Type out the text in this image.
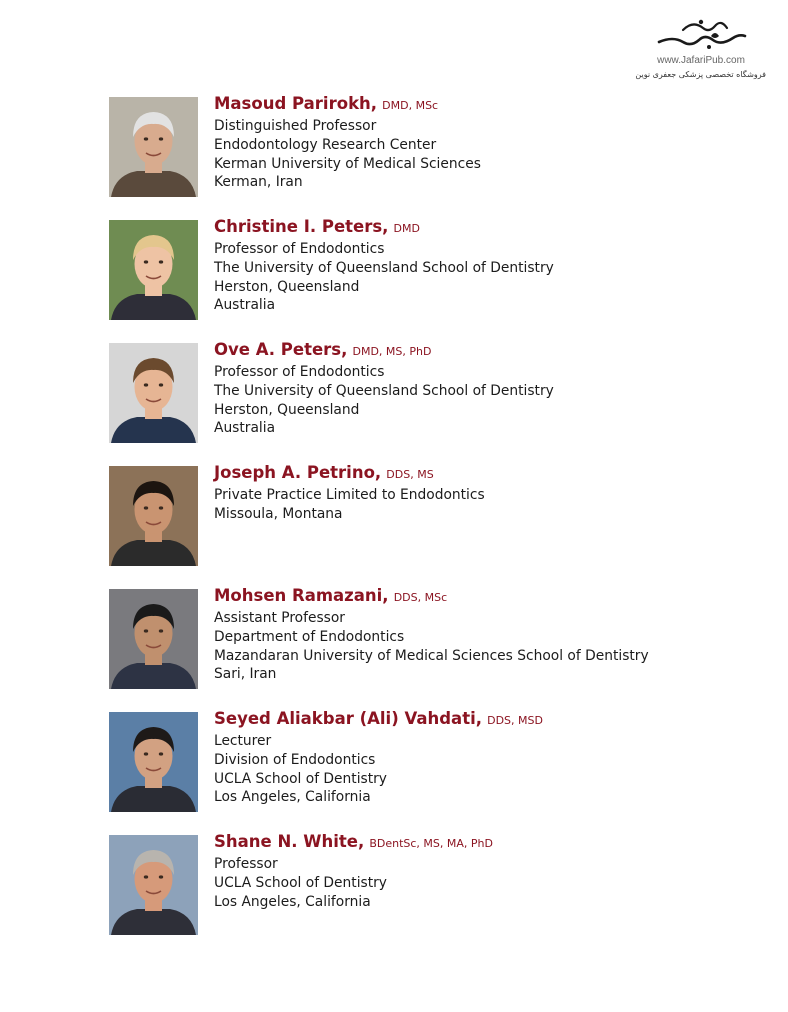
www.JafariPub.com
فروشگاه تخصصی پزشکی جعفری نوین
Masoud Parirokh, DMD, MSc
Distinguished Professor
Endodontology Research Center
Kerman University of Medical Sciences
Kerman, Iran
Christine I. Peters, DMD
Professor of Endodontics
The University of Queensland School of Dentistry
Herston, Queensland
Australia
Ove A. Peters, DMD, MS, PhD
Professor of Endodontics
The University of Queensland School of Dentistry
Herston, Queensland
Australia
Joseph A. Petrino, DDS, MS
Private Practice Limited to Endodontics
Missoula, Montana
Mohsen Ramazani, DDS, MSc
Assistant Professor
Department of Endodontics
Mazandaran University of Medical Sciences School of Dentistry
Sari, Iran
Seyed Aliakbar (Ali) Vahdati, DDS, MSD
Lecturer
Division of Endodontics
UCLA School of Dentistry
Los Angeles, California
Shane N. White, BDentSc, MS, MA, PhD
Professor
UCLA School of Dentistry
Los Angeles, California
